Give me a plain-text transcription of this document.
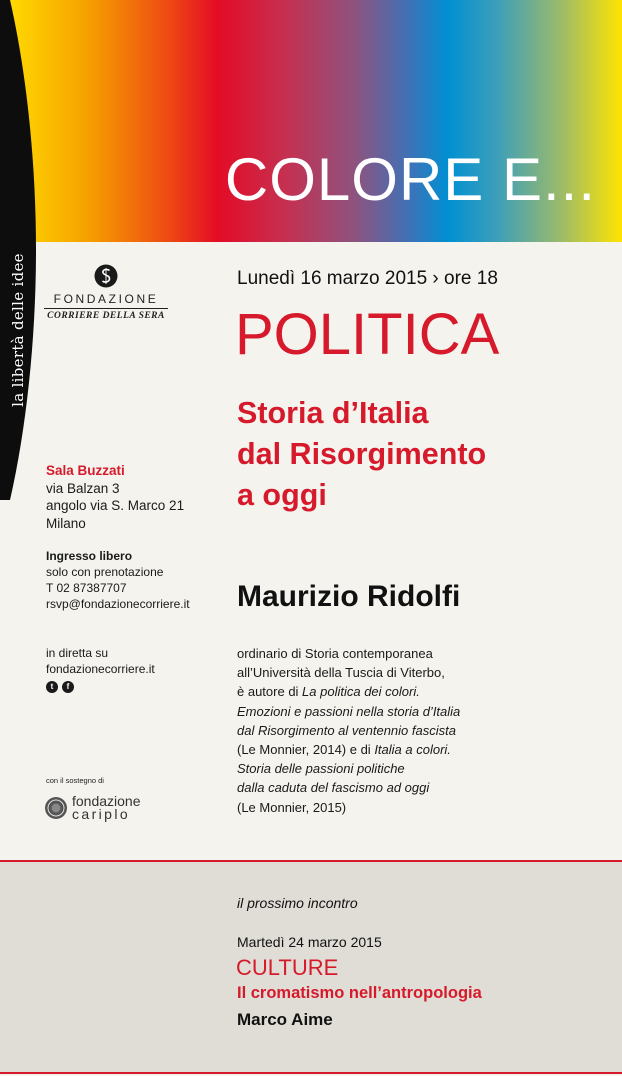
COLORE E...
la libertà delle idee	FONDAZIONE
CORRIERE DELLA SERA
Sala Buzzati
via Balzan 3
angolo via S. Marco 21
Milano
Ingresso libero
solo con prenotazione
T 02 87387707
rsvp@fondazionecorriere.it
in diretta su
fondazionecorriere.it
t	f
con il sostegno di
fondazione
cariplo
Lunedì 16 marzo 2015 › ore 18
POLITICA
Storia d’Italia
dal Risorgimento
a oggi
Maurizio Ridolfi
ordinario di Storia contemporanea
all’Università della Tuscia di Viterbo,
è autore di La politica dei colori.
Emozioni e passioni nella storia d’Italia
dal Risorgimento al ventennio fascista
(Le Monnier, 2014) e di Italia a colori.
Storia delle passioni politiche
dalla caduta del fascismo ad oggi
(Le Monnier, 2015)
il prossimo incontro
Martedì 24 marzo 2015
CULTURE
Il cromatismo nell’antropologia
Marco Aime
